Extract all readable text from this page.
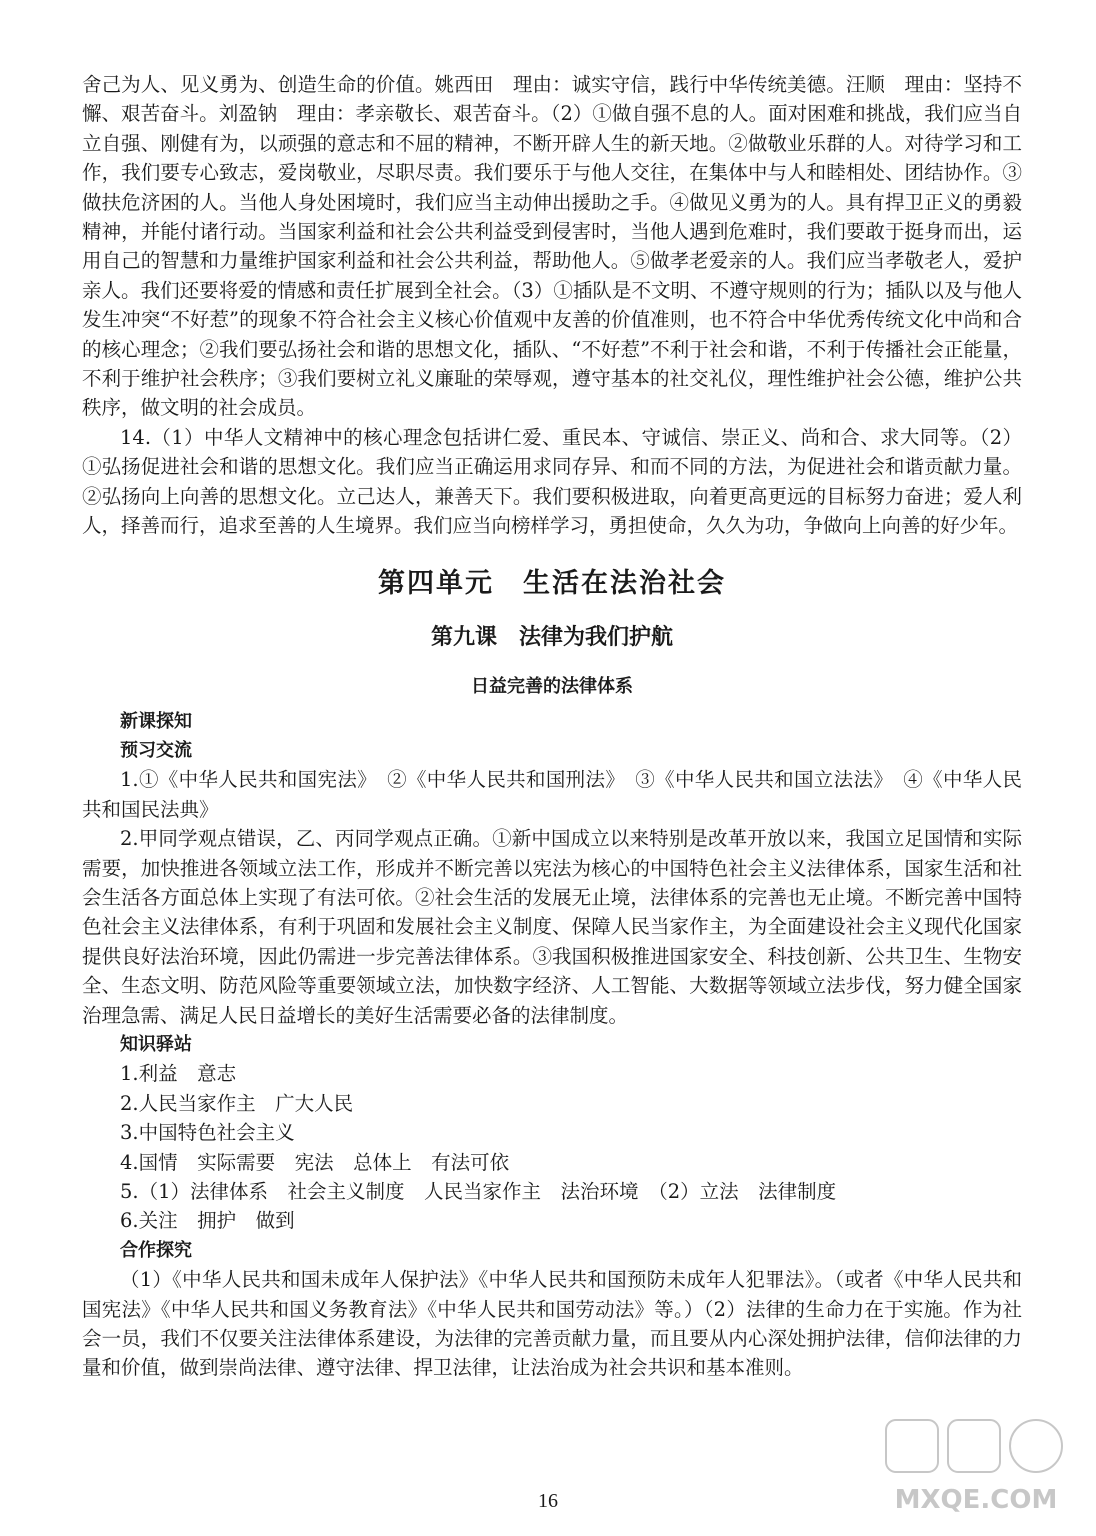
舍己为人、见义勇为、创造生命的价值。姚西田　理由：诚实守信，践行中华传统美德。汪顺　理由：坚持不懈、艰苦奋斗。刘盈钠　理由：孝亲敬长、艰苦奋斗。（2）①做自强不息的人。面对困难和挑战，我们应当自立自强、刚健有为，以顽强的意志和不屈的精神，不断开辟人生的新天地。②做敬业乐群的人。对待学习和工作，我们要专心致志，爱岗敬业，尽职尽责。我们要乐于与他人交往，在集体中与人和睦相处、团结协作。③做扶危济困的人。当他人身处困境时，我们应当主动伸出援助之手。④做见义勇为的人。具有捍卫正义的勇毅精神，并能付诸行动。当国家利益和社会公共利益受到侵害时，当他人遇到危难时，我们要敢于挺身而出，运用自己的智慧和力量维护国家利益和社会公共利益，帮助他人。⑤做孝老爱亲的人。我们应当孝敬老人，爱护亲人。我们还要将爱的情感和责任扩展到全社会。（3）①插队是不文明、不遵守规则的行为；插队以及与他人发生冲突“不好惹”的现象不符合社会主义核心价值观中友善的价值准则，也不符合中华优秀传统文化中尚和合的核心理念；②我们要弘扬社会和谐的思想文化，插队、“不好惹”不利于社会和谐，不利于传播社会正能量，不利于维护社会秩序；③我们要树立礼义廉耻的荣辱观，遵守基本的社交礼仪，理性维护社会公德，维护公共秩序，做文明的社会成员。

14.（1）中华人文精神中的核心理念包括讲仁爱、重民本、守诚信、崇正义、尚和合、求大同等。（2）①弘扬促进社会和谐的思想文化。我们应当正确运用求同存异、和而不同的方法，为促进社会和谐贡献力量。②弘扬向上向善的思想文化。立己达人，兼善天下。我们要积极进取，向着更高更远的目标努力奋进；爱人利人，择善而行，追求至善的人生境界。我们应当向榜样学习，勇担使命，久久为功，争做向上向善的好少年。

第四单元　生活在法治社会
第九课　法律为我们护航
日益完善的法律体系
新课探知
预习交流

1.①《中华人民共和国宪法》　②《中华人民共和国刑法》　③《中华人民共和国立法法》　④《中华人民共和国民法典》

2.甲同学观点错误，乙、丙同学观点正确。①新中国成立以来特别是改革开放以来，我国立足国情和实际需要，加快推进各领域立法工作，形成并不断完善以宪法为核心的中国特色社会主义法律体系，国家生活和社会生活各方面总体上实现了有法可依。②社会生活的发展无止境，法律体系的完善也无止境。不断完善中国特色社会主义法律体系，有利于巩固和发展社会主义制度、保障人民当家作主，为全面建设社会主义现代化国家提供良好法治环境，因此仍需进一步完善法律体系。③我国积极推进国家安全、科技创新、公共卫生、生物安全、生态文明、防范风险等重要领域立法，加快数字经济、人工智能、大数据等领域立法步伐，努力健全国家治理急需、满足人民日益增长的美好生活需要必备的法律制度。

知识驿站
1.利益　意志
2.人民当家作主　广大人民
3.中国特色社会主义
4.国情　实际需要　宪法　总体上　有法可依
5.（1）法律体系　社会主义制度　人民当家作主　法治环境　（2）立法　法律制度
6.关注　拥护　做到
合作探究

（1）《中华人民共和国未成年人保护法》《中华人民共和国预防未成年人犯罪法》。（或者《中华人民共和国宪法》《中华人民共和国义务教育法》《中华人民共和国劳动法》等。）（2）法律的生命力在于实施。作为社会一员，我们不仅要关注法律体系建设，为法律的完善贡献力量，而且要从内心深处拥护法律，信仰法律的力量和价值，做到崇尚法律、遵守法律、捍卫法律，让法治成为社会共识和基本准则。

16	MXQE.COM
